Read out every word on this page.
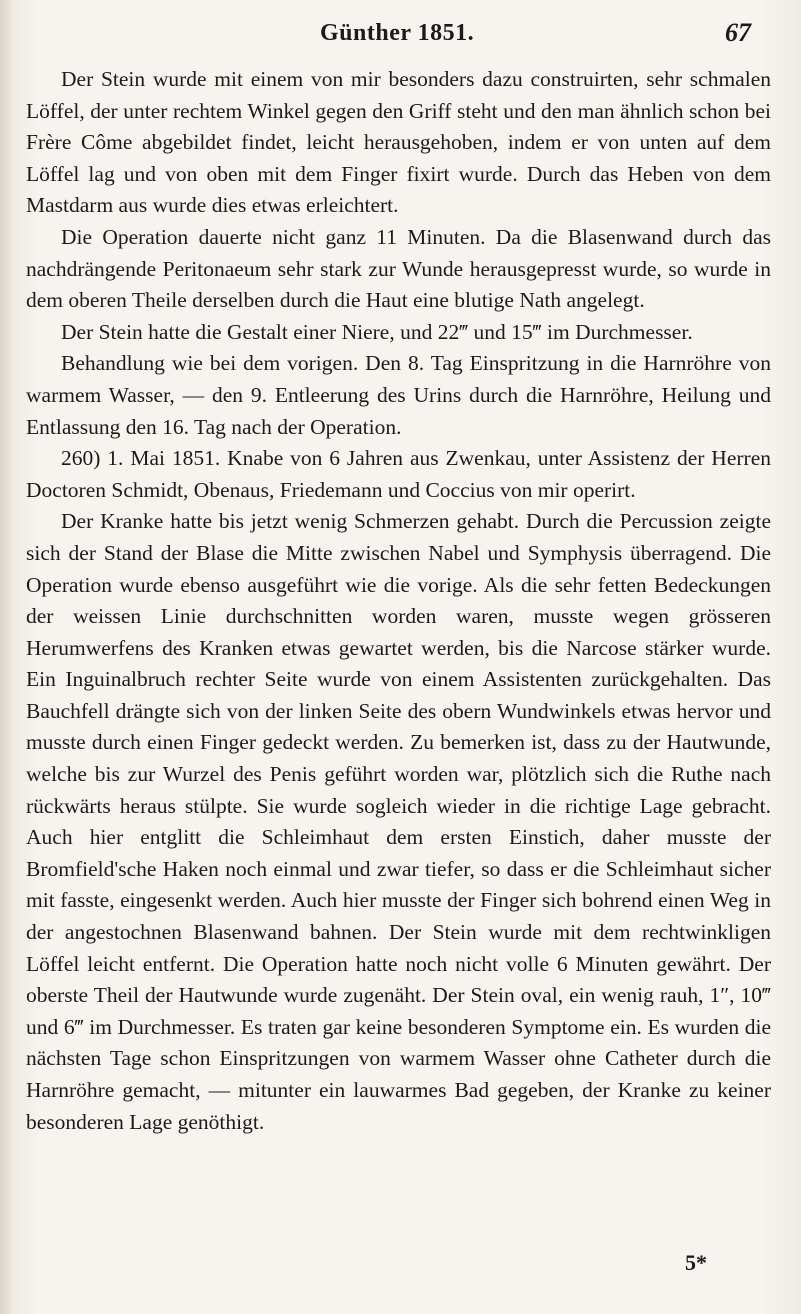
Günther 1851.	67

Der Stein wurde mit einem von mir besonders dazu construirten, sehr schmalen Löffel, der unter rechtem Winkel gegen den Griff steht und den man ähnlich schon bei Frère Côme abgebildet findet, leicht herausgehoben, indem er von unten auf dem Löffel lag und von oben mit dem Finger fixirt wurde. Durch das Heben von dem Mastdarm aus wurde dies etwas erleichtert.

Die Operation dauerte nicht ganz 11 Minuten. Da die Blasenwand durch das nachdrängende Peritonaeum sehr stark zur Wunde herausgepresst wurde, so wurde in dem oberen Theile derselben durch die Haut eine blutige Nath angelegt.

Der Stein hatte die Gestalt einer Niere, und 22‴ und 15‴ im Durchmesser.

Behandlung wie bei dem vorigen. Den 8. Tag Einspritzung in die Harnröhre von warmem Wasser, — den 9. Entleerung des Urins durch die Harnröhre, Heilung und Entlassung den 16. Tag nach der Operation.

260) 1. Mai 1851. Knabe von 6 Jahren aus Zwenkau, unter Assistenz der Herren Doctoren Schmidt, Obenaus, Friedemann und Coccius von mir operirt.

Der Kranke hatte bis jetzt wenig Schmerzen gehabt. Durch die Percussion zeigte sich der Stand der Blase die Mitte zwischen Nabel und Symphysis überragend. Die Operation wurde ebenso ausgeführt wie die vorige. Als die sehr fetten Bedeckungen der weissen Linie durchschnitten worden waren, musste wegen grösseren Herumwerfens des Kranken etwas gewartet werden, bis die Narcose stärker wurde. Ein Inguinalbruch rechter Seite wurde von einem Assistenten zurückgehalten. Das Bauchfell drängte sich von der linken Seite des obern Wundwinkels etwas hervor und musste durch einen Finger gedeckt werden. Zu bemerken ist, dass zu der Hautwunde, welche bis zur Wurzel des Penis geführt worden war, plötzlich sich die Ruthe nach rückwärts heraus stülpte. Sie wurde sogleich wieder in die richtige Lage gebracht. Auch hier entglitt die Schleimhaut dem ersten Einstich, daher musste der Bromfield'sche Haken noch einmal und zwar tiefer, so dass er die Schleimhaut sicher mit fasste, eingesenkt werden. Auch hier musste der Finger sich bohrend einen Weg in der angestochnen Blasenwand bahnen. Der Stein wurde mit dem rechtwinkligen Löffel leicht entfernt. Die Operation hatte noch nicht volle 6 Minuten gewährt. Der oberste Theil der Hautwunde wurde zugenäht. Der Stein oval, ein wenig rauh, 1″, 10‴ und 6‴ im Durchmesser. Es traten gar keine besonderen Symptome ein. Es wurden die nächsten Tage schon Einspritzungen von warmem Wasser ohne Catheter durch die Harnröhre gemacht, — mitunter ein lauwarmes Bad gegeben, der Kranke zu keiner besonderen Lage genöthigt.

5*
